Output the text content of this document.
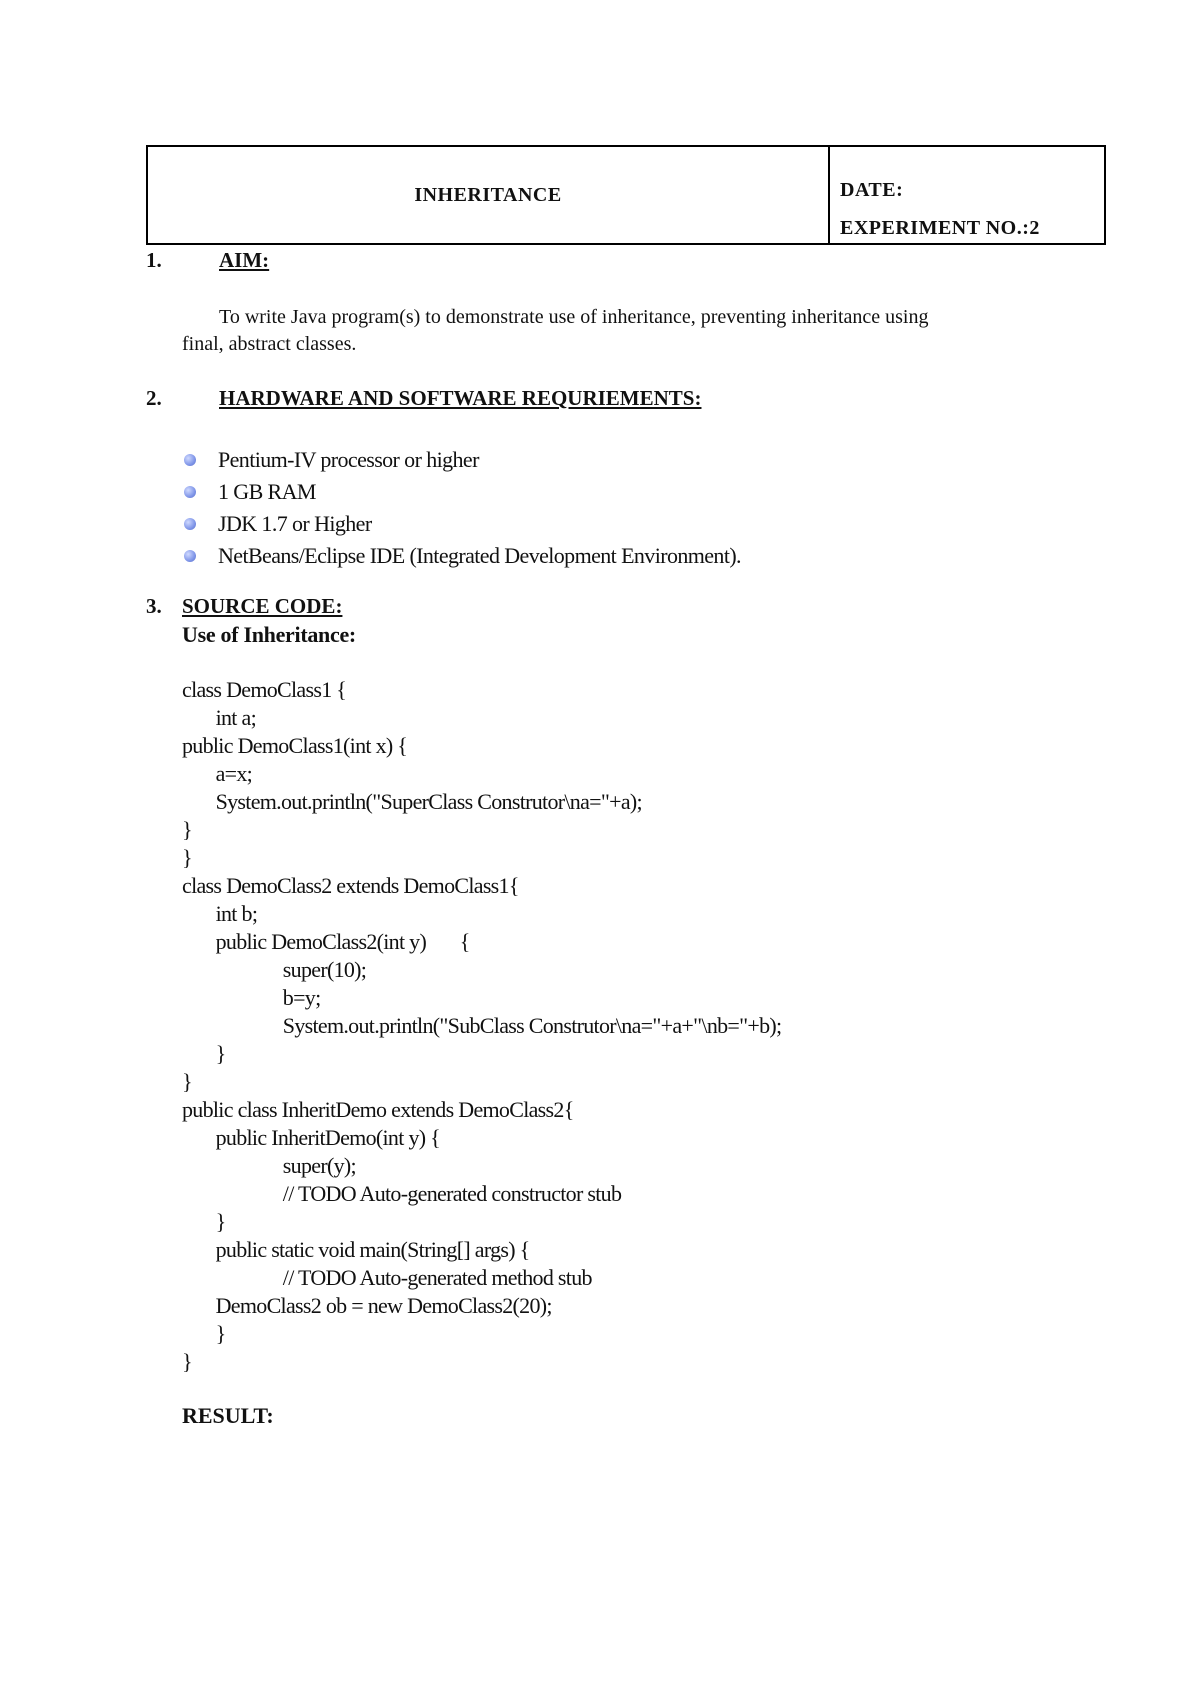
INHERITANCE	DATE:
EXPERIMENT NO.:2
1.	AIM:
To write Java program(s) to demonstrate use of inheritance, preventing inheritance using
final, abstract classes.
2.	HARDWARE AND SOFTWARE REQURIEMENTS:
Pentium-IV processor or higher
1 GB RAM
JDK 1.7 or Higher
NetBeans/Eclipse IDE (Integrated Development Environment).
3. SOURCE CODE:
Use of Inheritance:
class DemoClass1 {
int a;
public DemoClass1(int x) {
a=x;
System.out.println("SuperClass Construtor\na="+a);
}
}
class DemoClass2 extends DemoClass1{
int b;
public DemoClass2(int y)       {
super(10);
b=y;
System.out.println("SubClass Construtor\na="+a+"\nb="+b);
}
}
public class InheritDemo extends DemoClass2{
public InheritDemo(int y) {
super(y);
// TODO Auto-generated constructor stub
}
public static void main(String[] args) {
// TODO Auto-generated method stub
DemoClass2 ob = new DemoClass2(20);
}
}
RESULT:
